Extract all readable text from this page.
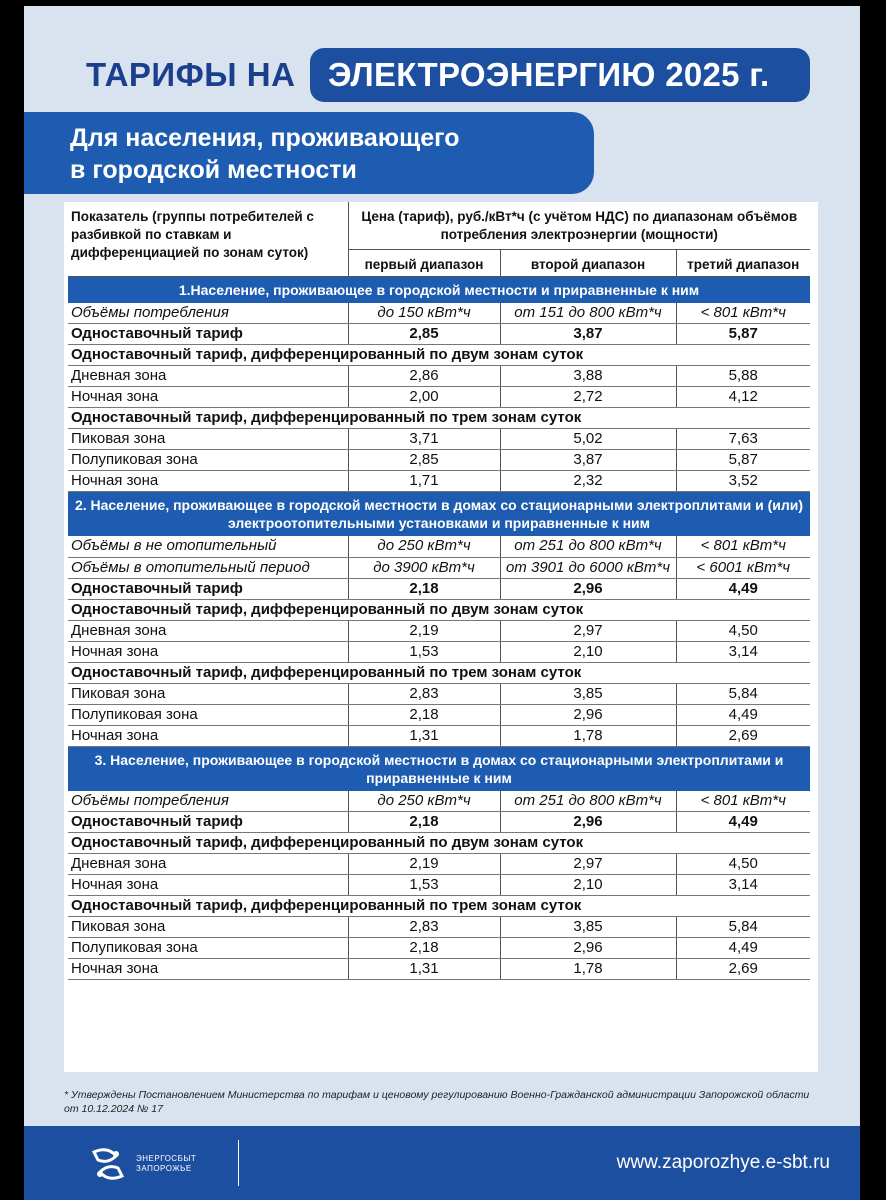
ТАРИФЫ НА ЭЛЕКТРОЭНЕРГИЮ 2025 г.
Для населения, проживающего
в городской местности
Показатель (группы потребителей с разбивкой по ставкам и дифференциацией по зонам суток)	Цена (тариф), руб./кВт*ч (с учётом НДС) по диапазонам объёмов потребления электроэнергии (мощности)		
	первый диапазон	второй диапазон	третий диапазон
1.Население, проживающее в городской местности и приравненные к ним			
Объёмы потребления	до 150 кВт*ч	от 151 до 800 кВт*ч	< 801 кВт*ч
Одноставочный тариф	2,85	3,87	5,87
Одноставочный тариф, дифференцированный по двум зонам суток			
Дневная зона	2,86	3,88	5,88
Ночная зона	2,00	2,72	4,12
Одноставочный тариф, дифференцированный по трем зонам суток			
Пиковая зона	3,71	5,02	7,63
Полупиковая зона	2,85	3,87	5,87
Ночная зона	1,71	2,32	3,52
2. Население, проживающее в городской местности в домах со стационарными электроплитами и (или) электроотопительными установками и приравненные к ним			
Объёмы в не отопительный	до 250 кВт*ч	от 251 до 800 кВт*ч	< 801 кВт*ч
Объёмы в отопительный период	до 3900 кВт*ч	от 3901 до 6000 кВт*ч	< 6001 кВт*ч
Одноставочный тариф	2,18	2,96	4,49
Одноставочный тариф, дифференцированный по двум зонам суток			
Дневная зона	2,19	2,97	4,50
Ночная зона	1,53	2,10	3,14
Одноставочный тариф, дифференцированный по трем зонам суток			
Пиковая зона	2,83	3,85	5,84
Полупиковая зона	2,18	2,96	4,49
Ночная зона	1,31	1,78	2,69
3. Население, проживающее в городской местности в домах со стационарными электроплитами и приравненные к ним			
Объёмы потребления	до 250 кВт*ч	от 251 до 800 кВт*ч	< 801 кВт*ч
Одноставочный тариф	2,18	2,96	4,49
Одноставочный тариф, дифференцированный по двум зонам суток			
Дневная зона	2,19	2,97	4,50
Ночная зона	1,53	2,10	3,14
Одноставочный тариф, дифференцированный по трем зонам суток			
Пиковая зона	2,83	3,85	5,84
Полупиковая зона	2,18	2,96	4,49
Ночная зона	1,31	1,78	2,69
* Утверждены Постановлением Министерства по тарифам и ценовому регулированию Военно-Гражданской администрации Запорожской области от 10.12.2024 № 17
ЭНЕРГОСБЫТ
ЗАПОРОЖЬЕ	www.zaporozhye.e-sbt.ru
